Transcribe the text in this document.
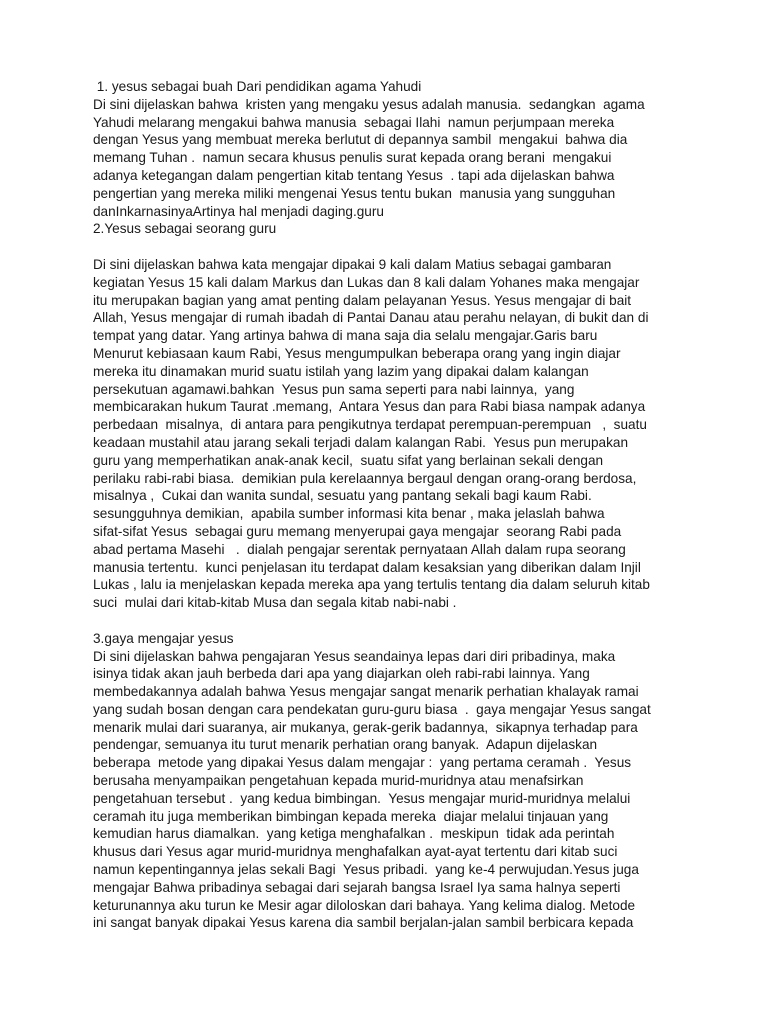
1. yesus sebagai buah Dari pendidikan agama Yahudi
Di sini dijelaskan bahwa  kristen yang mengaku yesus adalah manusia.  sedangkan  agama
Yahudi melarang mengakui bahwa manusia  sebagai Ilahi  namun perjumpaan mereka
dengan Yesus yang membuat mereka berlutut di depannya sambil  mengakui  bahwa dia
memang Tuhan .  namun secara khusus penulis surat kepada orang berani  mengakui
adanya ketegangan dalam pengertian kitab tentang Yesus  . tapi ada dijelaskan bahwa
pengertian yang mereka miliki mengenai Yesus tentu bukan  manusia yang sungguhan
danInkarnasinyaArtinya hal menjadi daging.guru
2.Yesus sebagai seorang guru
Di sini dijelaskan bahwa kata mengajar dipakai 9 kali dalam Matius sebagai gambaran
kegiatan Yesus 15 kali dalam Markus dan Lukas dan 8 kali dalam Yohanes maka mengajar
itu merupakan bagian yang amat penting dalam pelayanan Yesus. Yesus mengajar di bait
Allah, Yesus mengajar di rumah ibadah di Pantai Danau atau perahu nelayan, di bukit dan di
tempat yang datar. Yang artinya bahwa di mana saja dia selalu mengajar.Garis baru
Menurut kebiasaan kaum Rabi, Yesus mengumpulkan beberapa orang yang ingin diajar
mereka itu dinamakan murid suatu istilah yang lazim yang dipakai dalam kalangan
persekutuan agamawi.bahkan  Yesus pun sama seperti para nabi lainnya,  yang
membicarakan hukum Taurat .memang,  Antara Yesus dan para Rabi biasa nampak adanya
perbedaan  misalnya,  di antara para pengikutnya terdapat perempuan-perempuan   ,  suatu
keadaan mustahil atau jarang sekali terjadi dalam kalangan Rabi.  Yesus pun merupakan
guru yang memperhatikan anak-anak kecil,  suatu sifat yang berlainan sekali dengan
perilaku rabi-rabi biasa.  demikian pula kerelaannya bergaul dengan orang-orang berdosa,
misalnya ,  Cukai dan wanita sundal, sesuatu yang pantang sekali bagi kaum Rabi.
sesungguhnya demikian,  apabila sumber informasi kita benar , maka jelaslah bahwa
sifat-sifat Yesus  sebagai guru memang menyerupai gaya mengajar  seorang Rabi pada
abad pertama Masehi   .  dialah pengajar serentak pernyataan Allah dalam rupa seorang
manusia tertentu.  kunci penjelasan itu terdapat dalam kesaksian yang diberikan dalam Injil
Lukas , lalu ia menjelaskan kepada mereka apa yang tertulis tentang dia dalam seluruh kitab
suci  mulai dari kitab-kitab Musa dan segala kitab nabi-nabi .
3.gaya mengajar yesus
Di sini dijelaskan bahwa pengajaran Yesus seandainya lepas dari diri pribadinya, maka
isinya tidak akan jauh berbeda dari apa yang diajarkan oleh rabi-rabi lainnya. Yang
membedakannya adalah bahwa Yesus mengajar sangat menarik perhatian khalayak ramai
yang sudah bosan dengan cara pendekatan guru-guru biasa  .  gaya mengajar Yesus sangat
menarik mulai dari suaranya, air mukanya, gerak-gerik badannya,  sikapnya terhadap para
pendengar, semuanya itu turut menarik perhatian orang banyak.  Adapun dijelaskan
beberapa  metode yang dipakai Yesus dalam mengajar :  yang pertama ceramah .  Yesus
berusaha menyampaikan pengetahuan kepada murid-muridnya atau menafsirkan
pengetahuan tersebut .  yang kedua bimbingan.  Yesus mengajar murid-muridnya melalui
ceramah itu juga memberikan bimbingan kepada mereka  diajar melalui tinjauan yang
kemudian harus diamalkan.  yang ketiga menghafalkan .  meskipun  tidak ada perintah
khusus dari Yesus agar murid-muridnya menghafalkan ayat-ayat tertentu dari kitab suci
namun kepentingannya jelas sekali Bagi  Yesus pribadi.  yang ke-4 perwujudan.Yesus juga
mengajar Bahwa pribadinya sebagai dari sejarah bangsa Israel Iya sama halnya seperti
keturunannya aku turun ke Mesir agar diloloskan dari bahaya. Yang kelima dialog. Metode
ini sangat banyak dipakai Yesus karena dia sambil berjalan-jalan sambil berbicara kepada
